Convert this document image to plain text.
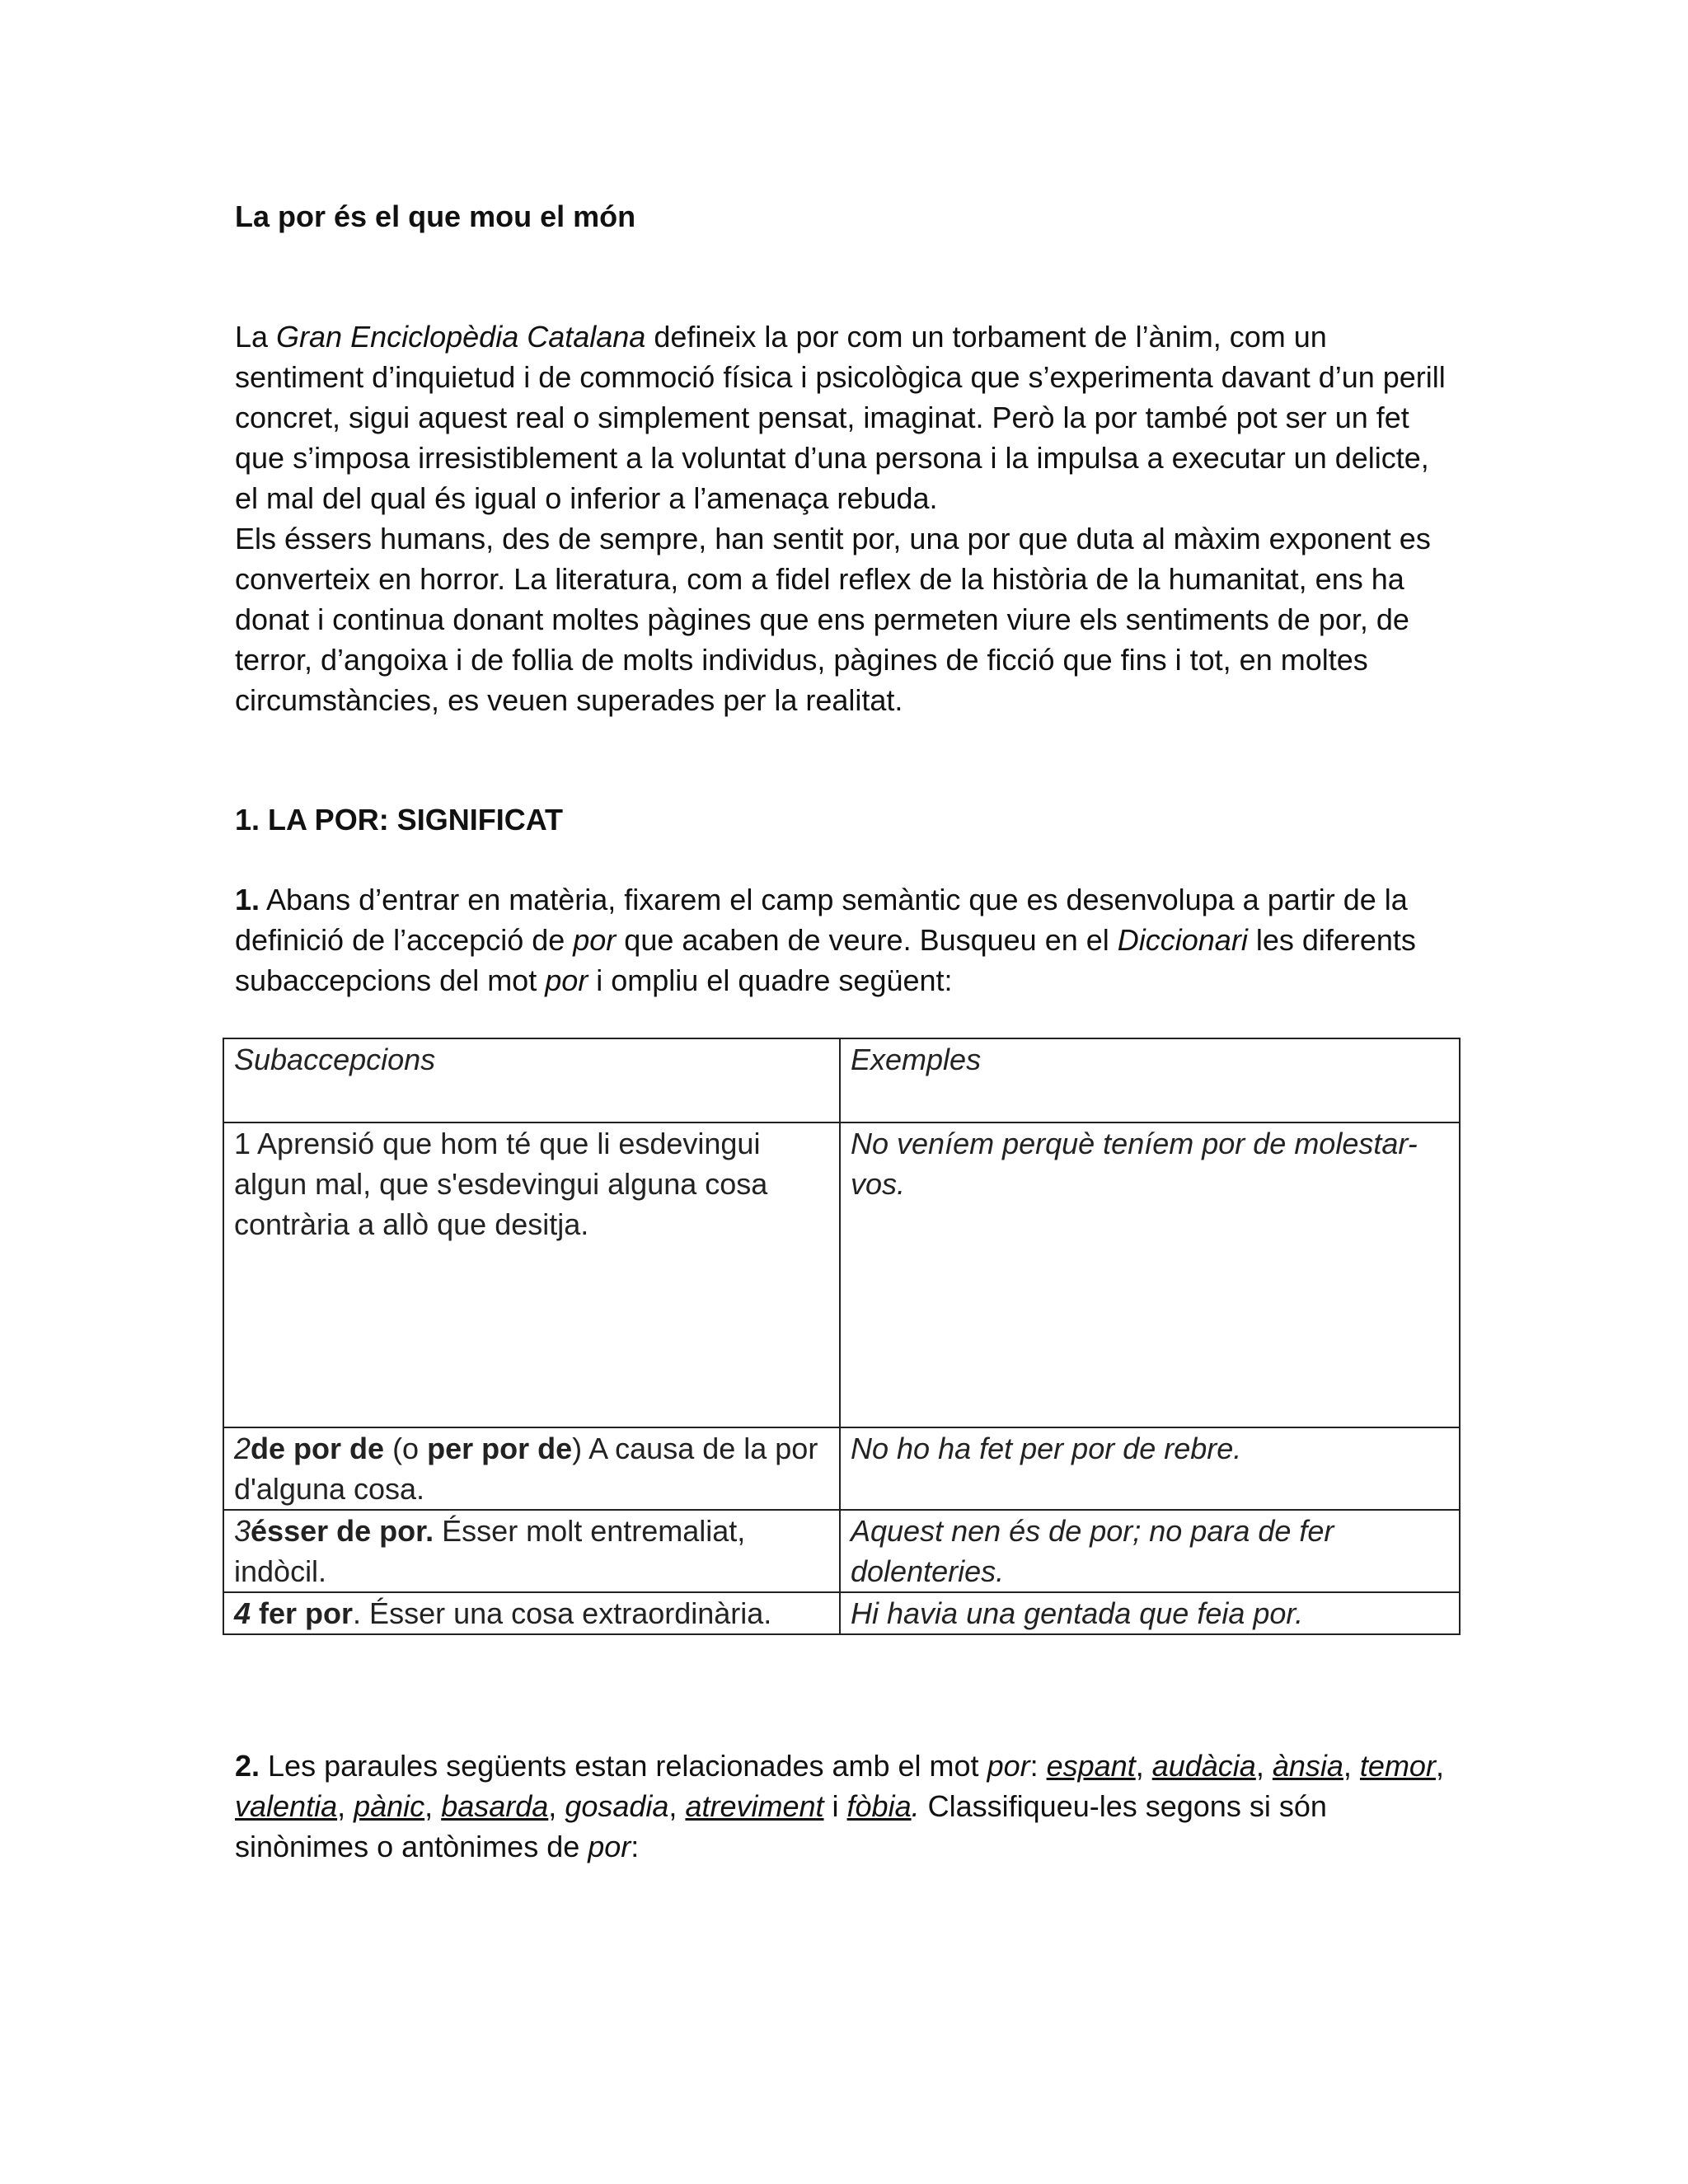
La por és el que mou el món

La Gran Enciclopèdia Catalana defineix la por com un torbament de l’ànim, com un sentiment d’inquietud i de commoció física i psicològica que s’experimenta davant d’un perill concret, sigui aquest real o simplement pensat, imaginat. Però la por també pot ser un fet que s’imposa irresistiblement a la voluntat d’una persona i la impulsa a executar un delicte, el mal del qual és igual o inferior a l’amenaça rebuda.

Els éssers humans, des de sempre, han sentit por, una por que duta al màxim exponent es converteix en horror. La literatura, com a fidel reflex de la història de la humanitat, ens ha donat i continua donant moltes pàgines que ens permeten viure els sentiments de por, de terror, d’angoixa i de follia de molts individus, pàgines de ficció que fins i tot, en moltes circumstàncies, es veuen superades per la realitat.

1. LA POR: SIGNIFICAT

1. Abans d’entrar en matèria, fixarem el camp semàntic que es desenvolupa a partir de la definició de l’accepció de por que acaben de veure. Busqueu en el Diccionari les diferents subaccepcions del mot por i ompliu el quadre següent:

Subaccepcions	Exemples
1 Aprensió que hom té que li esdevingui algun mal, que s'esdevingui alguna cosa contrària a allò que desitja.	No veníem perquè teníem por de molestar-vos.
2de por de (o per por de) A causa de la por d'alguna cosa.	No ho ha fet per por de rebre.
3ésser de por. Ésser molt entremaliat, indòcil.	Aquest nen és de por; no para de fer dolenteries.
4 fer por. Ésser una cosa extraordinària.	Hi havia una gentada que feia por.

2. Les paraules següents estan relacionades amb el mot por: espant, audàcia, ànsia, temor, valentia, pànic, basarda, gosadia, atreviment i fòbia. Classifiqueu-les segons si són sinònimes o antònimes de por:
